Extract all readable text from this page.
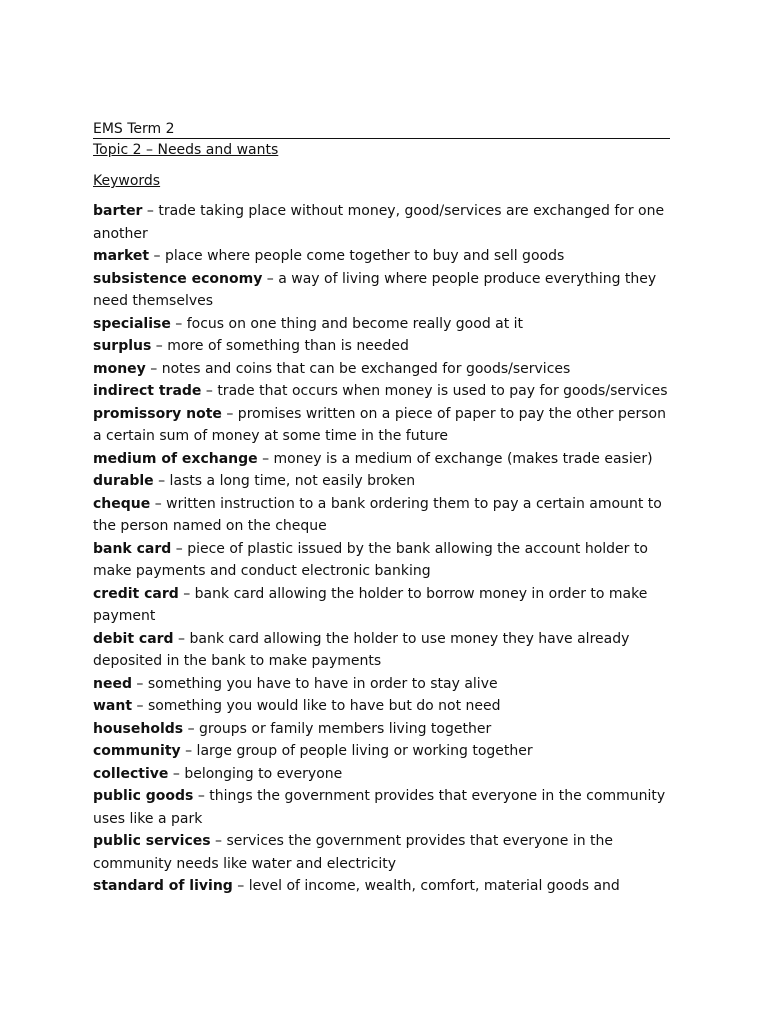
EMS Term 2
Topic 2 – Needs and wants
Keywords
barter – trade taking place without money, good/services are exchanged for one another
market – place where people come together to buy and sell goods
subsistence economy – a way of living where people produce everything they need themselves
specialise – focus on one thing and become really good at it
surplus – more of something than is needed
money – notes and coins that can be exchanged for goods/services
indirect trade – trade that occurs when money is used to pay for goods/services
promissory note – promises written on a piece of paper to pay the other person a certain sum of money at some time in the future
medium of exchange – money is a medium of exchange (makes trade easier)
durable – lasts a long time, not easily broken
cheque – written instruction to a bank ordering them to pay a certain amount to the person named on the cheque
bank card – piece of plastic issued by the bank allowing the account holder to make payments and conduct electronic banking
credit card – bank card allowing the holder to borrow money in order to make payment
debit card – bank card allowing the holder to use money they have already deposited in the bank to make payments
need – something you have to have in order to stay alive
want – something you would like to have but do not need
households – groups or family members living together
community – large group of people living or working together
collective – belonging to everyone
public goods – things the government provides that everyone in the community uses like a park
public services – services the government provides that everyone in the community needs like water and electricity
standard of living – level of income, wealth, comfort, material goods and
